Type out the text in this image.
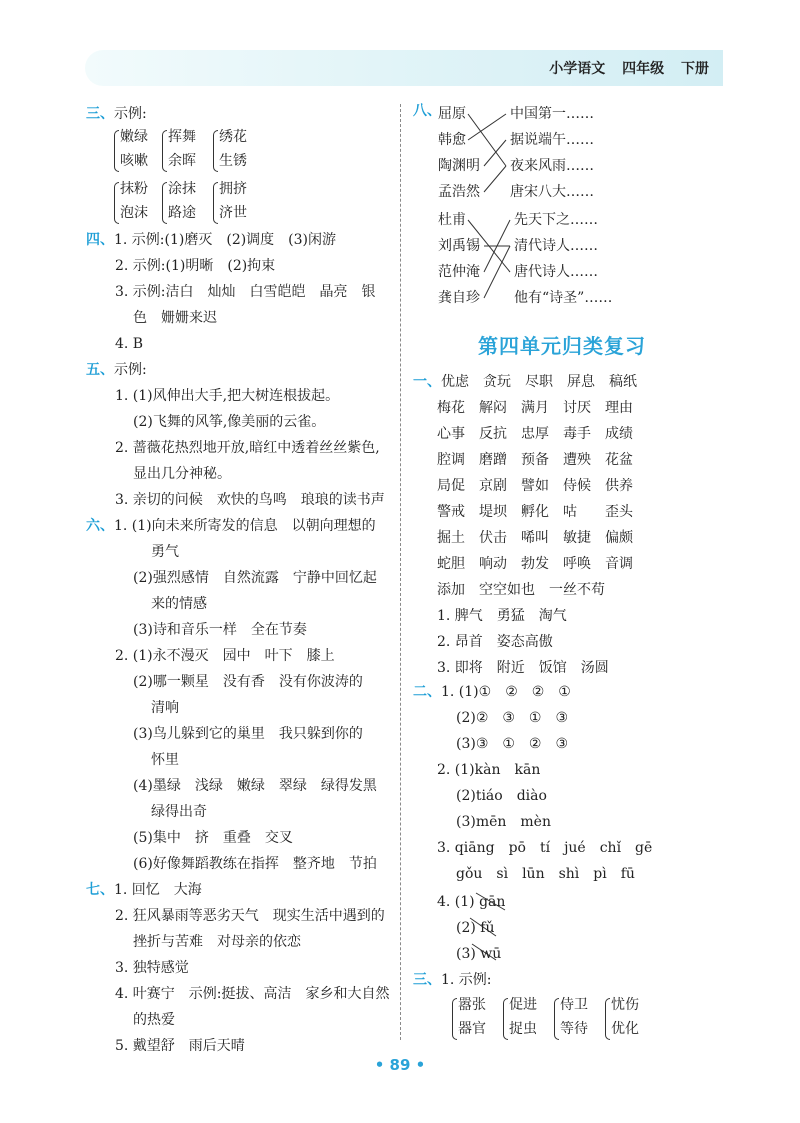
小学语文 四年级 下册
三、示例:
嫩绿
咳嗽
挥舞
余晖
绣花
生锈
抹粉
泡沫
涂抹
路途
拥挤
济世
四、1. 示例:(1)磨灭　(2)调度　(3)闲游
2. 示例:(1)明晰　(2)拘束
3. 示例:洁白　灿灿　白雪皑皑　晶亮　银
色　姗姗来迟
4. B
五、示例:
1. (1)风伸出大手,把大树连根拔起。
(2)飞舞的风筝,像美丽的云雀。
2. 蔷薇花热烈地开放,暗红中透着丝丝紫色,
显出几分神秘。
3. 亲切的问候　欢快的鸟鸣　琅琅的读书声
六、1. (1)向未来所寄发的信息　以朝向理想的
勇气
(2)强烈感情　自然流露　宁静中回忆起
来的情感
(3)诗和音乐一样　全在节奏
2. (1)永不漫灭　园中　叶下　膝上
(2)哪一颗星　没有香　没有你波涛的
清响
(3)鸟儿躲到它的巢里　我只躲到你的
怀里
(4)墨绿　浅绿　嫩绿　翠绿　绿得发黑
绿得出奇
(5)集中　挤　重叠　交叉
(6)好像舞蹈教练在指挥　整齐地　节拍
七、1. 回忆　大海
2. 狂风暴雨等恶劣天气　现实生活中遇到的
挫折与苦难　对母亲的依恋
3. 独特感觉
4. 叶赛宁　示例:挺拔、高洁　家乡和大自然
的热爱
5. 戴望舒　雨后天晴
八、
屈原
韩愈
陶渊明
孟浩然
中国第一……
据说端午……
夜来风雨……
唐宋八大……
杜甫
刘禹锡
范仲淹
龚自珍
先天下之……
清代诗人……
唐代诗人……
他有“诗圣”……
第四单元归类复习
一、优虑　贪玩　尽职　屏息　稿纸
梅花　解闷　满月　讨厌　理由
心事　反抗　忠厚　毒手　成绩
腔调　磨蹭　预备　遭殃　花盆
局促　京剧　譬如　侍候　供养
警戒　堤坝　孵化　咕　　歪头
掘土　伏击　唏叫　敏捷　偏颇
蛇胆　响动　勃发　呼唤　音调
添加　空空如也　一丝不苟
1. 脾气　勇猛　淘气
2. 昂首　姿态高傲
3. 即将　附近　饭馆　汤圆
二、1. (1)①　②　②　①
(2)②　③　①　③
(3)③　①　②　③
2. (1)kàn　kān
(2)tiáo　diào
(3)mēn　mèn
3. qiāng　pō　tí　jué　chǐ　gē
gǒu　sì　lūn　shì　pì　fū
4. (1) gān
(2) fǔ
(3) wū
三、1. 示例:
嚣张
器官
促进
捉虫
侍卫
等待
忧伤
优化
• 89 •
